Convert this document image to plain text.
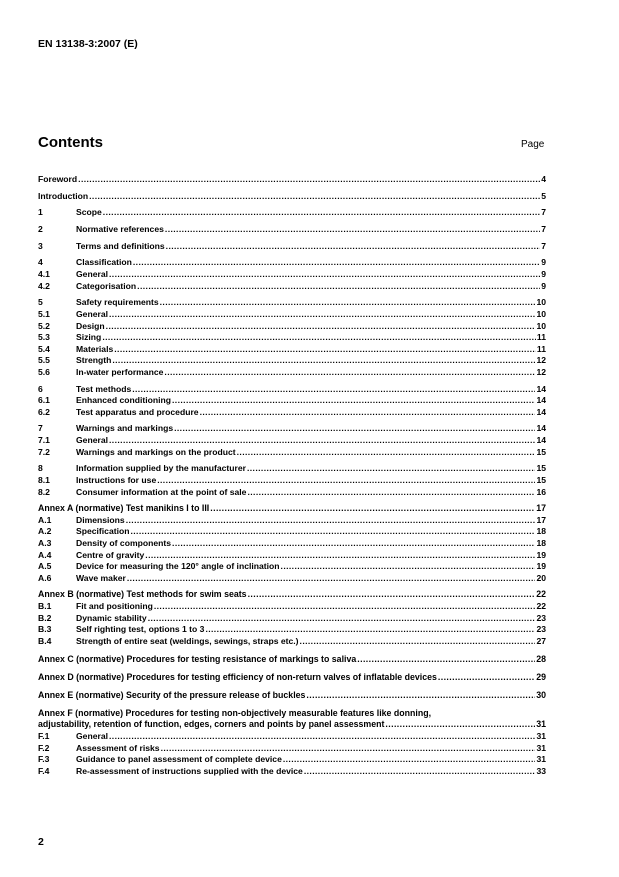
EN 13138-3:2007 (E)
Contents	Page
Foreword .....	4
Introduction .....	5
1	Scope .....	7
2	Normative references .....	7
3	Terms and definitions .....	7
4	Classification .....	9
4.1	General .....	9
4.2	Categorisation .....	9
5	Safety requirements .....	10
5.1	General .....	10
5.2	Design .....	10
5.3	Sizing .....	11
5.4	Materials .....	11
5.5	Strength .....	12
5.6	In-water performance .....	12
6	Test methods .....	14
6.1	Enhanced conditioning .....	14
6.2	Test apparatus and procedure .....	14
7	Warnings and markings .....	14
7.1	General .....	14
7.2	Warnings and markings on the product .....	15
8	Information supplied by the manufacturer .....	15
8.1	Instructions for use .....	15
8.2	Consumer information at the point of sale .....	16
Annex A (normative) Test manikins I to III .....	17
A.1	Dimensions .....	17
A.2	Specification .....	18
A.3	Density of components .....	18
A.4	Centre of gravity .....	19
A.5	Device for measuring the 120° angle of inclination .....	19
A.6	Wave maker .....	20
Annex B (normative) Test methods for swim seats .....	22
B.1	Fit and positioning .....	22
B.2	Dynamic stability .....	23
B.3	Self righting test, options 1 to 3 .....	23
B.4	Strength of entire seat (weldings, sewings, straps etc.) .....	27
Annex C (normative) Procedures for testing resistance of markings to saliva .....	28
Annex D (normative) Procedures for testing efficiency of non-return valves of inflatable devices .....	29
Annex E (normative) Security of the pressure release of buckles .....	30
Annex F (normative) Procedures for testing non-objectively measurable features like donning,
adjustability, retention of function, edges, corners and points by panel assessment .....	31
F.1	General .....	31
F.2	Assessment of risks .....	31
F.3	Guidance to panel assessment of complete device .....	31
F.4	Re-assessment of instructions supplied with the device .....	33
2
